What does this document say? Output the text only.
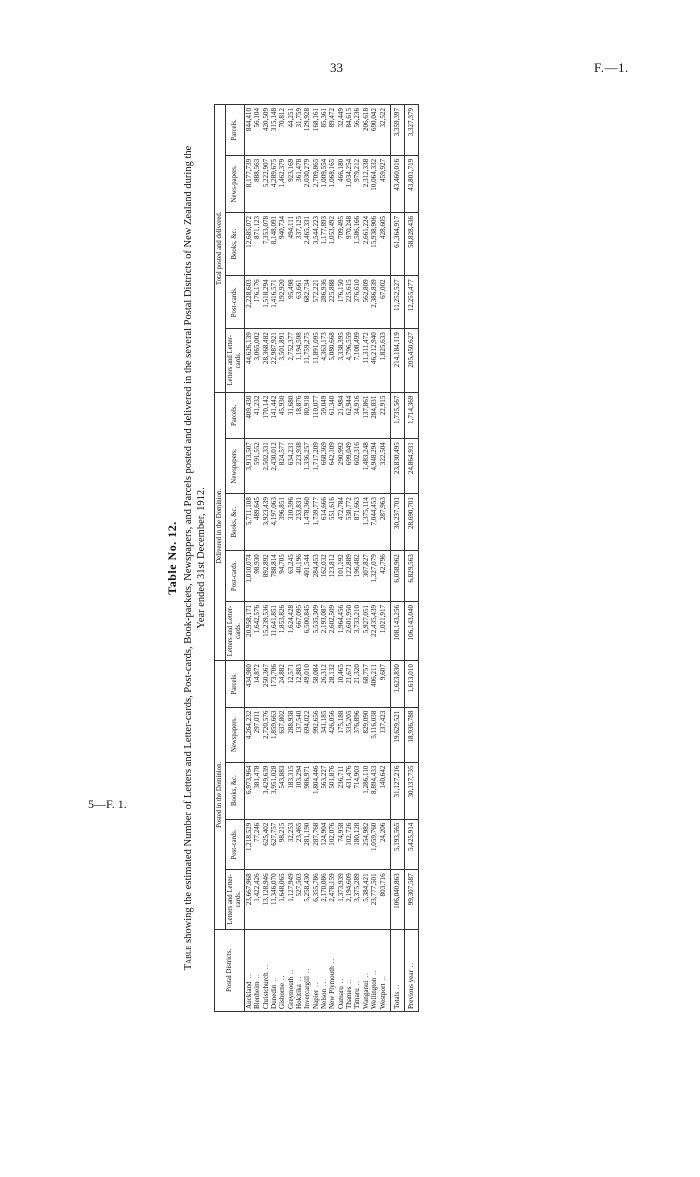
33	F.—1.
5—F. 1.
Table No. 12.
Table showing the estimated Number of Letters and Letter-cards, Post-cards, Book-packets, Newspapers, and Parcels posted and delivered in the several Postal Districts of New Zealand during the Year ended 31st December, 1912.
Postal Districts.	Posted in the Dominion.					Delivered in the Dominion.					Total posted and delivered.				
	Letters and Letter-cards.	Post-cards.	Books, &c.	Newspapers.	Parcels.	Letters and Letter-cards.	Post-cards.	Books, &c.	Newspapers.	Parcels.	Letters and Letter-cards.	Post-cards.	Books, &c.	News-papers.	Parcels.
Auckland ..	23,667,968	1,218,529	6,973,964	4,264,232	434,980	20,958,171	1,010,074	5,711,108	3,913,507	409,430	44,626,139	2,228,603	12,685,072	8,177,739	844,410
Blenheim ..	1,422,426	77,246	381,478	297,011	14,872	1,642,576	98,930	489,645	591,552	41,232	3,065,002	176,176	871,123	888,563	56,104
Christchurch ..	13,128,946	625,402	3,429,639	2,720,576	250,367	15,239,536	892,892	3,923,439	2,502,331	170,142	28,368,482	1,518,294	7,353,078	5,222,907	420,509
Dunedin ..	11,346,070	627,757	3,951,028	1,859,663	173,706	11,641,851	788,814	4,197,063	2,430,012	141,442	22,987,921	1,416,571	8,148,091	4,289,675	315,148
Gisborne ..	1,648,065	98,215	543,883	637,802	24,882	1,853,826	94,705	396,851	824,577	45,930	3,501,891	192,920	940,734	1,462,379	70,812
Greymouth ..	1,127,949	32,253	183,315	288,938	12,571	1,624,428	63,245	310,596	634,231	31,680	2,752,377	95,498	494,111	923,169	44,251
Hokitika ..	527,503	23,465	103,294	137,540	12,883	667,095	40,196	233,831	223,938	18,876	1,194,598	63,661	337,125	361,478	31,759
Invercargill ..	5,258,430	281,190	986,971	694,022	49,010	6,500,845	401,544	1,478,360	1,336,257	80,918	11,759,275	682,734	2,465,331	2,030,279	129,928
Napier ..	6,355,786	287,768	1,804,446	992,656	58,084	5,535,309	284,453	1,739,777	1,717,209	110,077	11,891,095	572,221	3,544,223	2,709,865	168,161
Nelson ..	2,170,086	124,904	563,227	341,185	26,312	2,193,087	162,032	614,666	668,369	59,049	4,363,173	286,936	1,177,893	1,009,554	85,361
New Plymouth ..	2,478,159	102,076	501,876	426,056	28,132	2,602,509	123,812	551,616	642,109	61,340	5,080,668	225,888	1,053,492	1,068,165	89,472
Oamaru ..	1,373,939	74,958	236,711	175,188	10,465	1,964,456	101,192	472,784	290,992	21,984	3,338,395	176,150	709,495	466,180	32,449
Thames ..	2,194,609	102,726	431,476	335,205	21,671	2,601,950	122,889	538,772	699,049	62,944	4,796,559	225,615	970,248	1,034,254	84,615
Timaru ..	3,375,289	180,128	714,903	376,896	21,320	3,733,210	196,482	871,663	602,316	34,916	7,108,499	376,610	1,586,166	979,212	56,236
Wanganui ..	5,384,421	254,982	1,286,110	829,090	68,757	5,927,051	307,827	1,375,114	1,483,248	137,861	11,311,472	562,809	2,661,224	2,312,338	206,618
Wellington ..	23,777,501	1,059,760	8,894,433	5,116,038	406,211	22,435,439	1,327,079	7,044,453	4,948,294	284,831	46,212,940	2,386,839	15,938,906	10,064,332	690,042
Westport ..	803,716	24,206	140,642	137,423	9,607	1,021,917	42,796	287,963	322,504	22,915	1,825,633	67,002	428,605	459,927	32,522
Totals ..	106,040,863	5,193,565	31,127,216	19,629,521	1,623,830	108,143,256	6,058,962	30,237,701	23,830,495	1,735,567	214,184,119	11,252,527	61,364,917	43,460,016	3,359,397
Previous year ..	99,307,587	5,425,914	30,137,735	18,936,788	1,613,010	106,143,040	6,829,563	28,690,701	24,864,931	1,714,369	205,450,627	12,255,477	58,828,436	43,801,719	3,327,379
